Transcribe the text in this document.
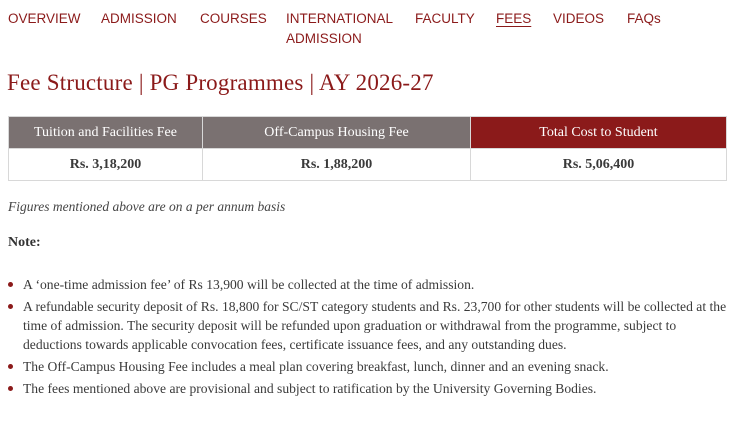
OVERVIEW ADMISSION COURSES INTERNATIONAL ADMISSION
FACULTY FEES VIDEOS FAQs
Fee Structure | PG Programmes | AY 2026-27
Tuition and Facilities Fee	Off-Campus Housing Fee	Total Cost to Student
Rs. 3,18,200	Rs. 1,88,200	Rs. 5,06,400
Figures mentioned above are on a per annum basis
Note:
A ‘one-time admission fee’ of Rs 13,900 will be collected at the time of admission.
A refundable security deposit of Rs. 18,800 for SC/ST category students and Rs. 23,700 for other students will be collected at the time of admission. The security deposit will be refunded upon graduation or withdrawal from the programme, subject to deductions towards applicable convocation fees, certificate issuance fees, and any outstanding dues.
The Off-Campus Housing Fee includes a meal plan covering breakfast, lunch, dinner and an evening snack.
The fees mentioned above are provisional and subject to ratification by the University Governing Bodies.
